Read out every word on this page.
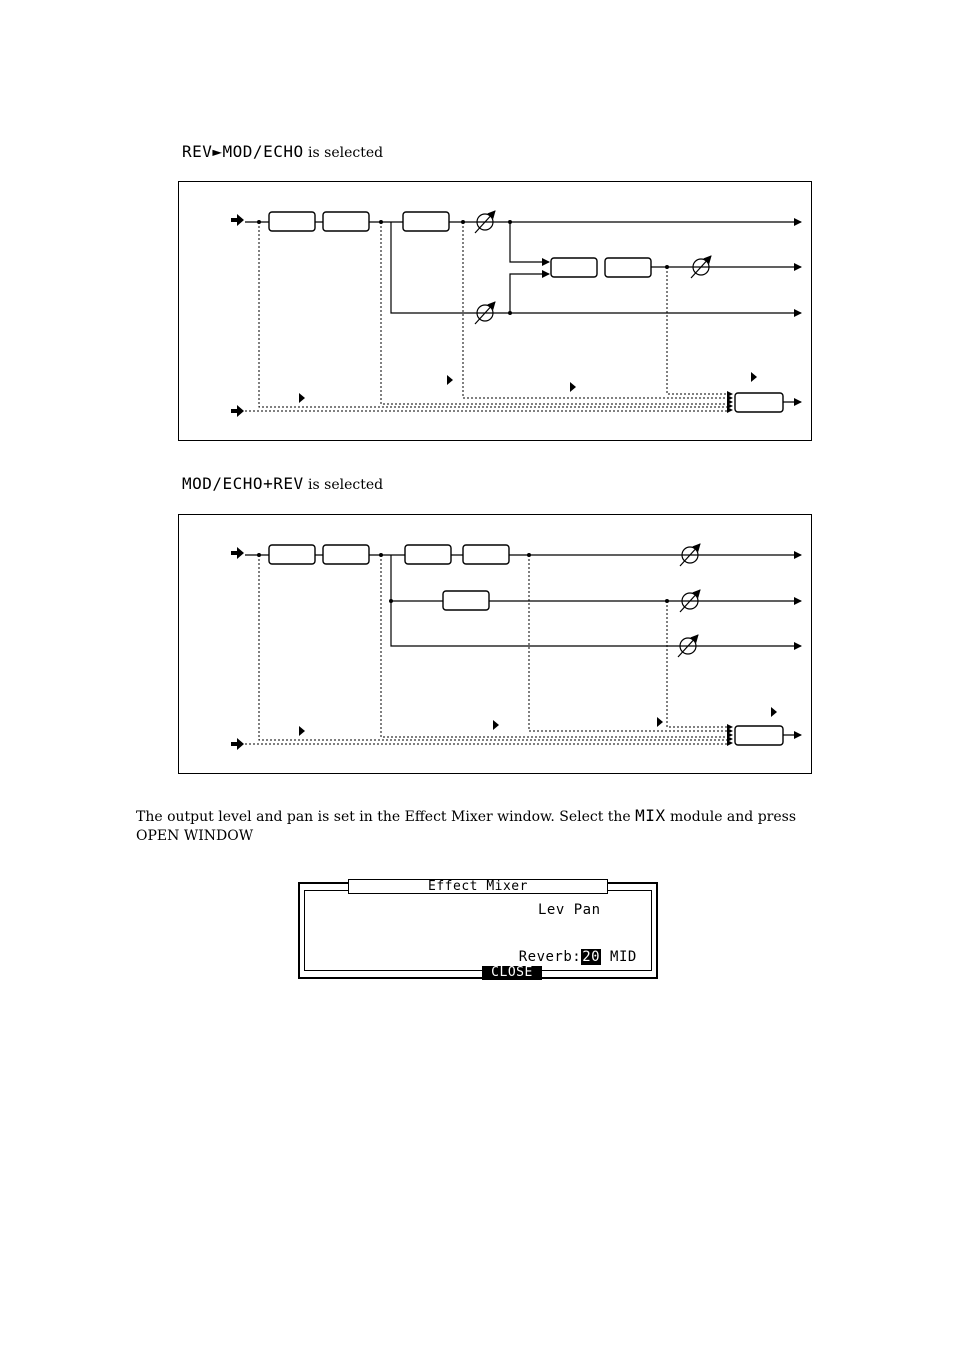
REV►MOD/ECHO is selected
MOD/ECHO+REV is selected
The output level and pan is set in the Effect Mixer window. Select the MIX module and press
OPEN WINDOW
Effect Mixer
Lev Pan

Reverb:20 MID

CLOSE
